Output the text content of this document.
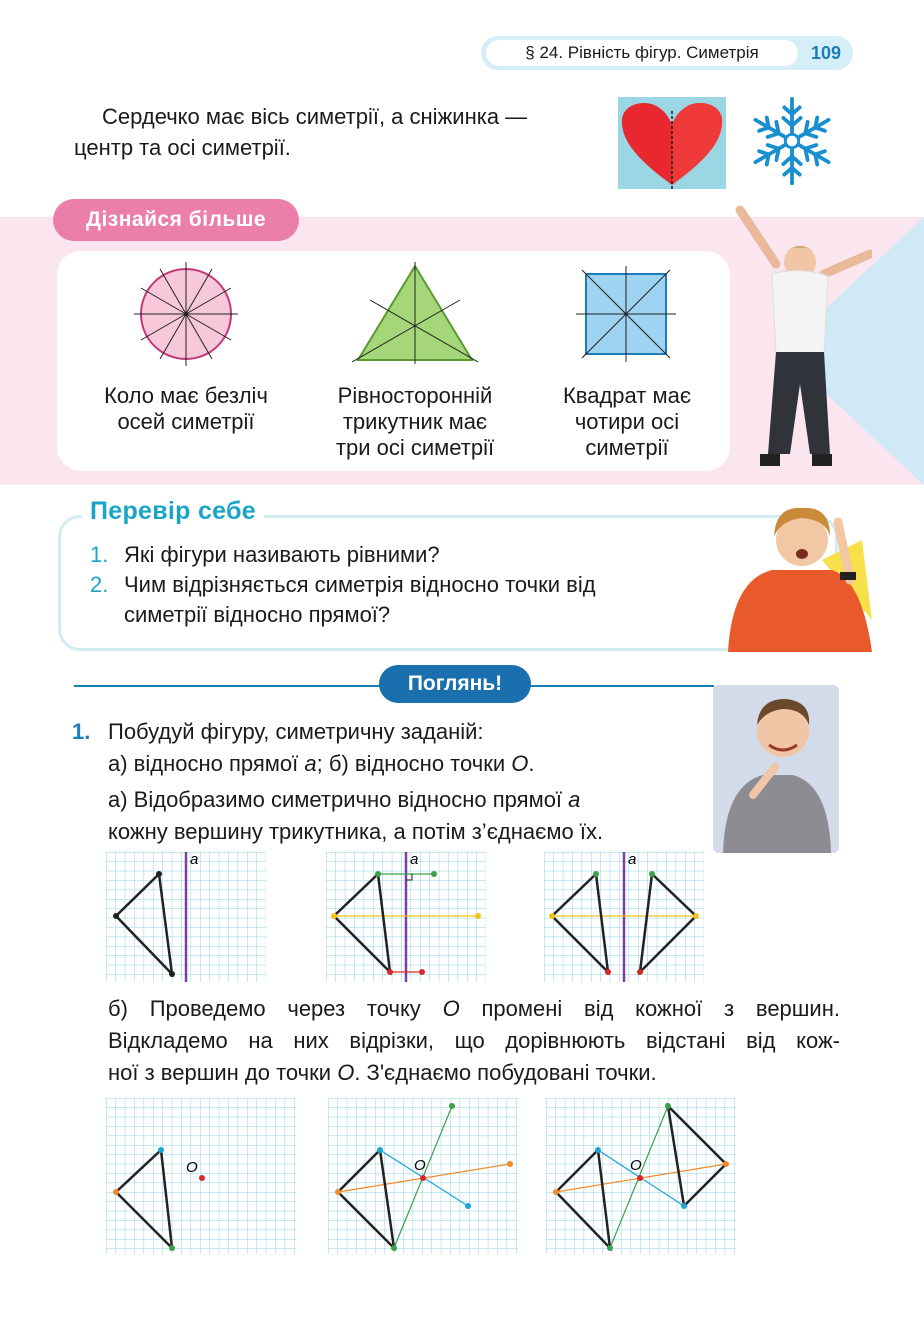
§ 24. Рівність фігур. Симетрія	109
Сердечко має вісь симетрії, а сніжинка —
центр та осі симетрії.
Дізнайся більше
Коло має безліч
осей симетрії
Рівносторонній
трикутник має
три осі симетрії
Квадрат має
чотири осі
симетрії
Перевір себе
1. Які фігури називають рівними?
2. Чим відрізняється симетрія відносно точки від
симетрії відносно прямої?
Поглянь!
1. Побудуй фігуру, симетричну заданій:
а) відносно прямої a; б) відносно точки O.
а) Відобразимо симетрично відносно прямої a
кожну вершину трикутника, а потім з’єднаємо їх.
a	a	a
б) Проведемо через точку O промені від кожної з вершин.
Відкладемо на них відрізки, що дорівнюють відстані від кож-
ної з вершин до точки O. З'єднаємо побудовані точки.
O	O	O
